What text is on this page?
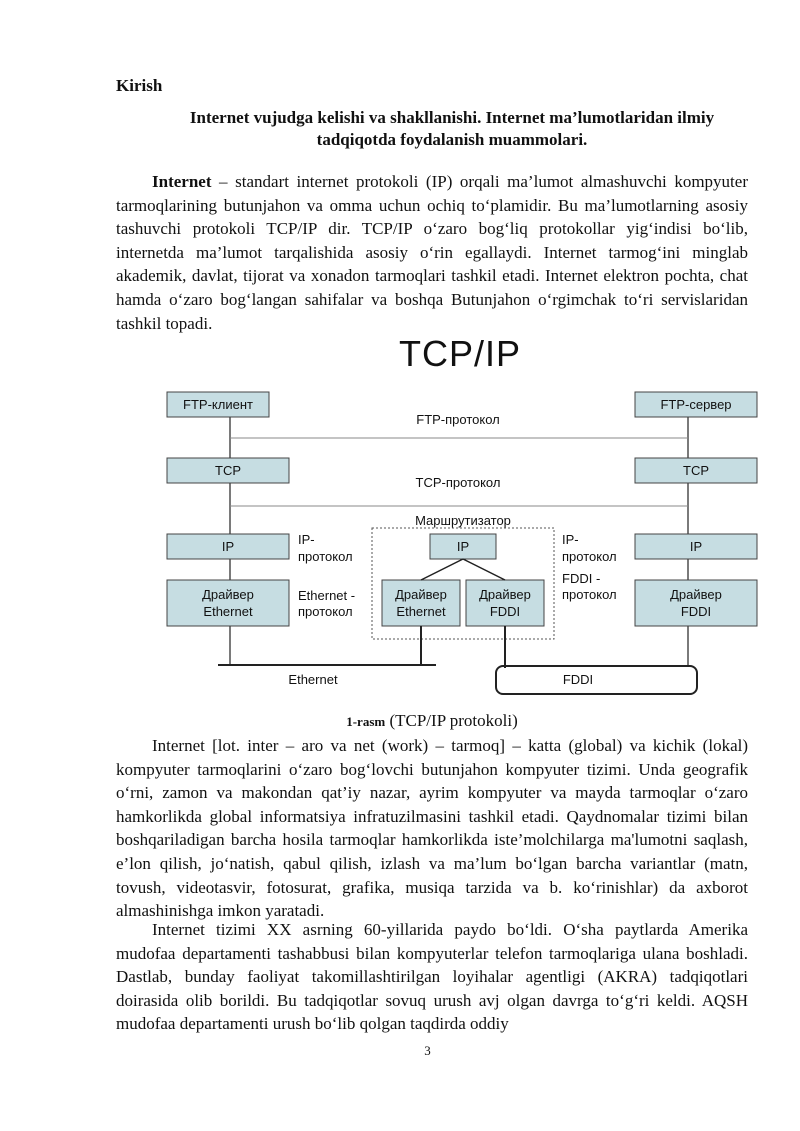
Kirish
Internet vujudga kelishi va shakllanishi. Internet ma’lumotlaridan ilmiy tadqiqotda foydalanish muammolari.

Internet – standart internet protokoli (IP) orqali ma’lumot almashuvchi kompyuter tarmoqlarining butunjahon va omma uchun ochiq to‘plamidir. Bu ma’lumotlarning asosiy tashuvchi protokoli TCP/IP dir. TCP/IP o‘zaro bog‘liq protokollar yig‘indisi bo‘lib, internetda ma’lumot tarqalishida asosiy o‘rin egallaydi. Internet tarmog‘ini minglab akademik, davlat, tijorat va xonadon tarmoqlari tashkil etadi. Internet elektron pochta, chat hamda o‘zaro bog‘langan sahifalar va boshqa Butunjahon o‘rgimchak to‘ri servislaridan tashkil topadi.

TCP/IP
FTP-клиент	FTP-сервер
FTP-протокол
TCP	TCP
TCP-протокол
Маршрутизатор
IP	IP	IP
IP-
протокол
IP-
протокол
Ethernet -
протокол
FDDI -
протокол
Драйвер
Ethernet
Драйвер
Ethernet
Драйвер
FDDI
Драйвер
FDDI
Ethernet	FDDI
1-rasm (TCP/IP protokoli)

Internet [lot. inter – aro va net (work) – tarmoq] – katta (global) va kichik (lokal) kompyuter tarmoqlarini o‘zaro bog‘lovchi butunjahon kompyuter tizimi. Unda geografik o‘rni, zamon va makondan qat’iy nazar, ayrim kompyuter va mayda tarmoqlar o‘zaro hamkorlikda global informatsiya infratuzilmasini tashkil etadi. Qaydnomalar tizimi bilan boshqariladigan barcha hosila tarmoqlar hamkorlikda iste’molchilarga ma'lumotni saqlash, e’lon qilish, jo‘natish, qabul qilish, izlash va ma’lum bo‘lgan barcha variantlar (matn, tovush, videotasvir, fotosurat, grafika, musiqa tarzida va b. ko‘rinishlar) da axborot almashinishga imkon yaratadi.

Internet tizimi XX asrning 60-yillarida paydo bo‘ldi. O‘sha paytlarda Amerika mudofaa departamenti tashabbusi bilan kompyuterlar telefon tarmoqlariga ulana boshladi. Dastlab, bunday faoliyat takomillashtirilgan loyihalar agentligi (AKRA) tadqiqotlari doirasida olib borildi. Bu tadqiqotlar sovuq urush avj olgan davrga to‘g‘ri keldi. AQSH mudofaa departamenti urush bo‘lib qolgan taqdirda oddiy

3
